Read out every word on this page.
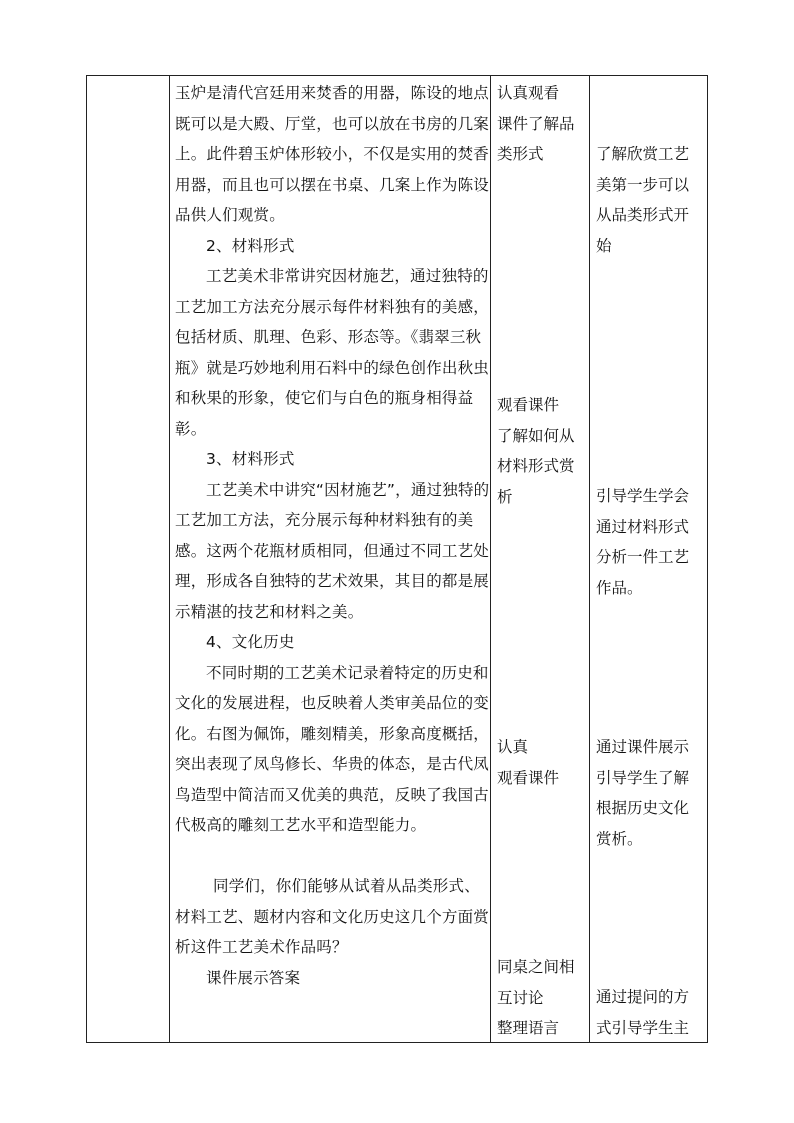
玉炉是清代宫廷用来焚香的用器，陈设的地点既可以是大殿、厅堂，也可以放在书房的几案上。此件碧玉炉体形较小，不仅是实用的焚香用器，而且也可以摆在书桌、几案上作为陈设品供人们观赏。

2、材料形式

工艺美术非常讲究因材施艺，通过独特的工艺加工方法充分展示每件材料独有的美感，包括材质、肌理、色彩、形态等。《翡翠三秋瓶》就是巧妙地利用石料中的绿色创作出秋虫和秋果的形象，使它们与白色的瓶身相得益彰。

3、材料形式

工艺美术中讲究“因材施艺”，通过独特的工艺加工方法，充分展示每种材料独有的美感。这两个花瓶材质相同，但通过不同工艺处理，形成各自独特的艺术效果，其目的都是展示精湛的技艺和材料之美。

4、文化历史

不同时期的工艺美术记录着特定的历史和文化的发展进程，也反映着人类审美品位的变化。右图为佩饰，雕刻精美，形象高度概括，突出表现了凤鸟修长、华贵的体态，是古代凤鸟造型中简洁而又优美的典范，反映了我国古代极高的雕刻工艺水平和造型能力。

同学们，你们能够从试着从品类形式、材料工艺、题材内容和文化历史这几个方面赏析这件工艺美术作品吗？

课件展示答案

认真观看
课件了解品
类形式
观看课件
了解如何从
材料形式赏
析
认真
观看课件
同桌之间相
互讨论
整理语言
了解欣赏工艺
美第一步可以
从品类形式开
始
引导学生学会
通过材料形式
分析一件工艺
作品。
通过课件展示
引导学生了解
根据历史文化
赏析。
通过提问的方
式引导学生主
